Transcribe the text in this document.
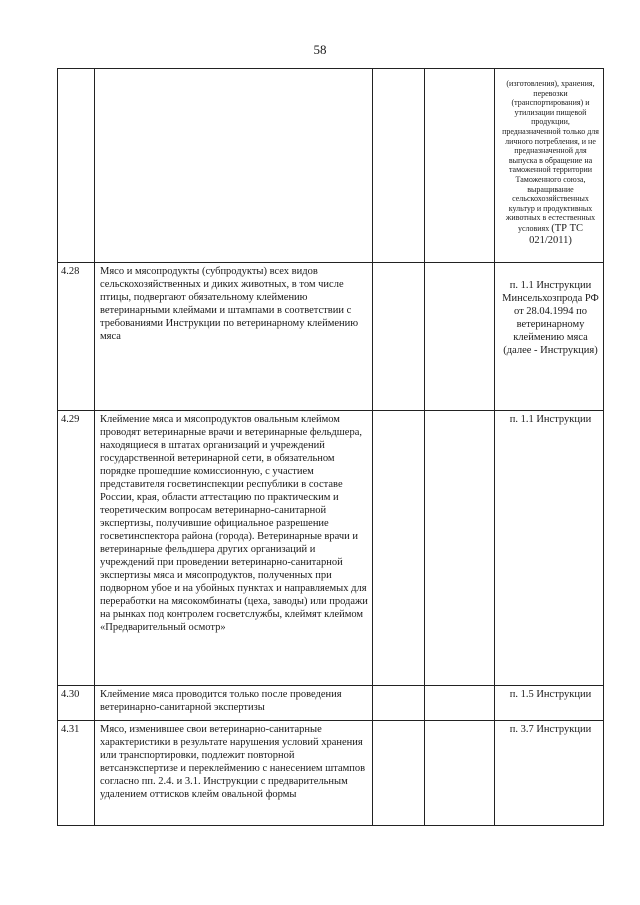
58

				(изготовления), хранения, перевозки (транспортирования) и утилизации пищевой продукции, предназначенной только для личного потребления, и не предназначенной для выпуска в обращение на таможенной территории Таможенного союза, выращивание сельскохозяйственных культур и продуктивных животных в естественных условиях (ТР ТС 021/2011)

4.28	Мясо и мясопродукты (субпродукты) всех видов сельскохозяйственных и диких животных, в том числе птицы, подвергают обязательному клеймению ветеринарными клеймами и штампами в соответствии с требованиями Инструкции по ветеринарному клеймению мяса			п. 1.1 Инструкции Минсельхозпрода РФ от 28.04.1994 по ветеринарному клеймению мяса (далее - Инструкция)

4.29	Клеймение мяса и мясопродуктов овальным клеймом проводят ветеринарные врачи и ветеринарные фельдшера, находящиеся в штатах организаций и учреждений государственной ветеринарной сети, в обязательном порядке прошедшие комиссионную, с участием представителя госветинспекции республики в составе России, края, области аттестацию по практическим и теоретическим вопросам ветеринарно-санитарной экспертизы, получившие официальное разрешение госветинспектора района (города). Ветеринарные врачи и ветеринарные фельдшера других организаций и учреждений при проведении ветеринарно-санитарной экспертизы мяса и мясопродуктов, полученных при подворном убое и на убойных пунктах и направляемых для переработки на мясокомбинаты (цеха, заводы) или продажи на рынках под контролем госветслужбы, клеймят клеймом «Предварительный осмотр»			п. 1.1 Инструкции

4.30	Клеймение мяса проводится только после проведения ветеринарно-санитарной экспертизы			п. 1.5 Инструкции

4.31	Мясо, изменившее свои ветеринарно-санитарные характеристики в результате нарушения условий хранения или транспортировки, подлежит повторной ветсанэкспертизе и переклеймению с нанесением штампов согласно пп. 2.4. и 3.1. Инструкции с предварительным удалением оттисков клейм овальной формы			п. 3.7 Инструкции
